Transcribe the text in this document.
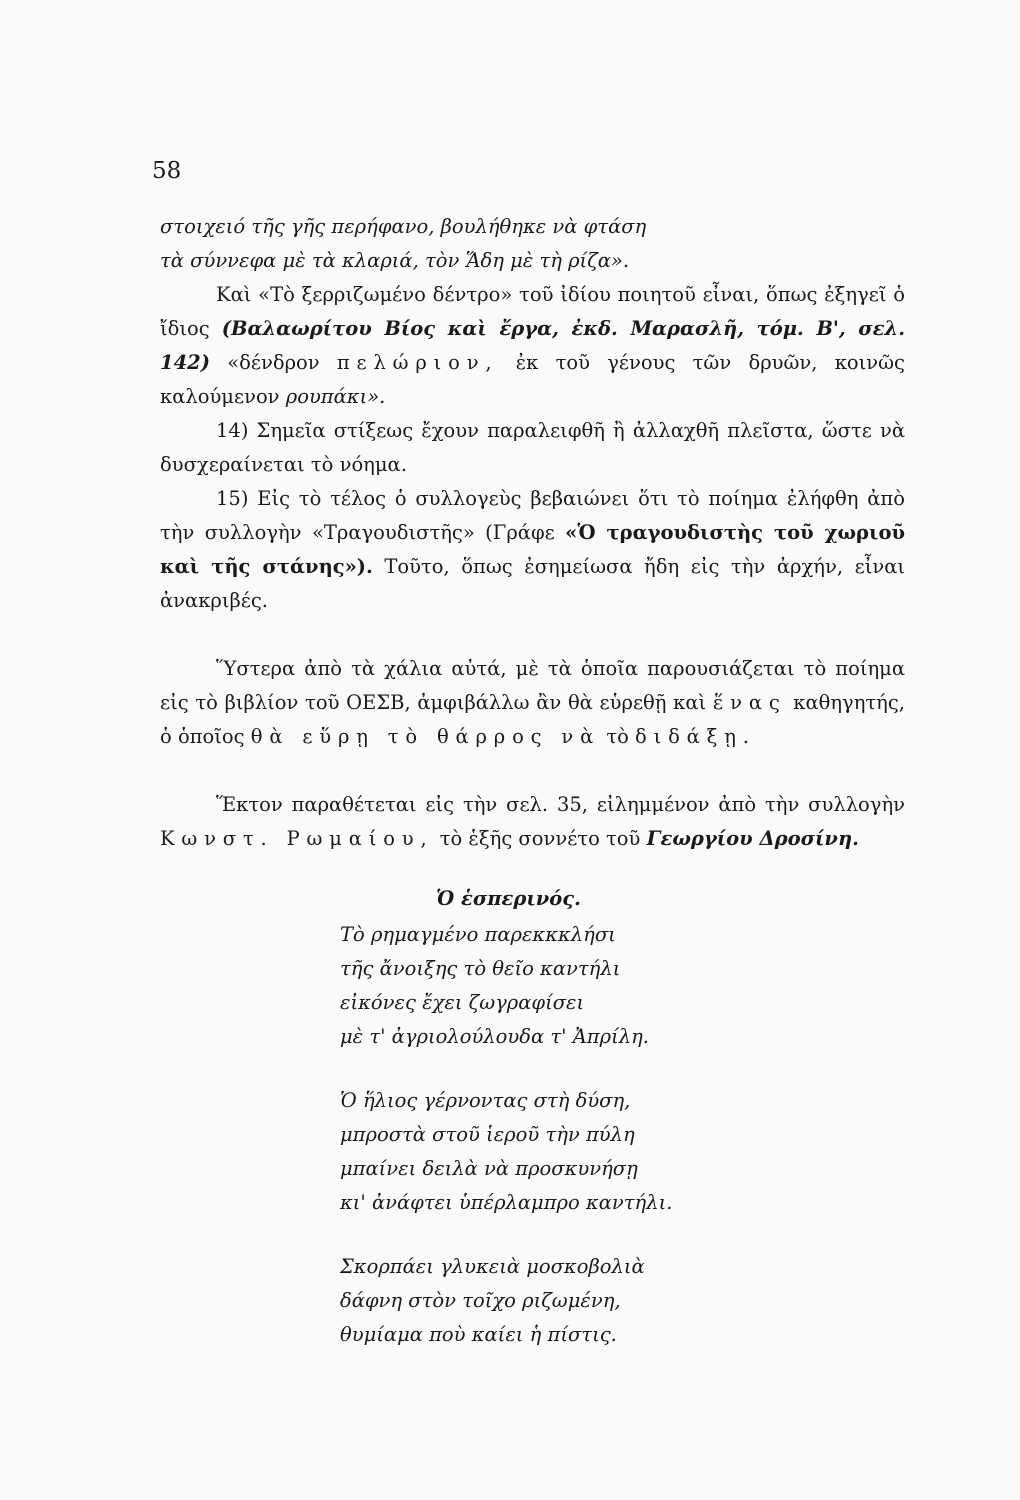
58

στοιχειό τῆς γῆς περήφανο, βουλήθηκε νὰ φτάση

τὰ σύννεφα μὲ τὰ κλαριά, τὸν Ἅδη μὲ τὴ ρίζα».

Καὶ «Τὸ ξερριζωμένο δέντρο» τοῦ ἰδίου ποιητοῦ εἶναι, ὅπως ἐξηγεῖ ὁ ἴδιος (Βαλαωρίτου Βίος καὶ ἔργα, ἐκδ. Μαρασλῆ, τόμ. Β', σελ. 142) «δένδρον πελώριον, ἐκ τοῦ γένους τῶν δρυῶν, κοινῶς καλούμενον ρουπάκι».

14) Σημεῖα στίξεως ἔχουν παραλειφθῆ ἢ ἀλλαχθῆ πλεῖστα, ὥστε νὰ δυσχεραίνεται τὸ νόημα.

15) Εἰς τὸ τέλος ὁ συλλογεὺς βεβαιώνει ὅτι τὸ ποίημα ἐλήφθη ἀπὸ τὴν συλλογὴν «Τραγουδιστῆς» (Γράφε «Ὁ τραγουδιστὴς τοῦ χωριοῦ καὶ τῆς στάνης»). Τοῦτο, ὅπως ἐσημείωσα ἤδη εἰς τὴν ἀρχήν, εἶναι ἀνακριβές.

Ὕστερα ἀπὸ τὰ χάλια αὐτά, μὲ τὰ ὁποῖα παρουσιάζεται τὸ ποίημα εἰς τὸ βιβλίον τοῦ ΟΕΣΒ, ἀμφιβάλλω ἂν θὰ εὑρεθῇ καὶ ἕνας καθηγητής, ὁ ὁποῖος θὰ εὕρῃ τὸ θάρρος νὰ τὸ διδάξῃ.

Ἕκτον παραθέτεται εἰς τὴν σελ. 35, εἰλημμένον ἀπὸ τὴν συλλογὴν Κωνστ. Ρωμαίου, τὸ ἑξῆς σοννέτο τοῦ Γεωργίου Δροσίνη.

Ὁ ἑσπερινός.
Τὸ ρημαγμένο παρεκκκλήσι
τῆς ἄνοιξης τὸ θεῖο καντήλι
εἰκόνες ἔχει ζωγραφίσει
μὲ τ' ἀγριολούλουδα τ' Ἀπρίλη.
Ὁ ἥλιος γέρνοντας στὴ δύση,
μπροστὰ στοῦ ἱεροῦ τὴν πύλη
μπαίνει δειλὰ νὰ προσκυνήσῃ
κι' ἀνάφτει ὑπέρλαμπρο καντήλι.
Σκορπάει γλυκειὰ μοσκοβολιὰ
δάφνη στὸν τοῖχο ριζωμένη,
θυμίαμα ποὺ καίει ἡ πίστις.
